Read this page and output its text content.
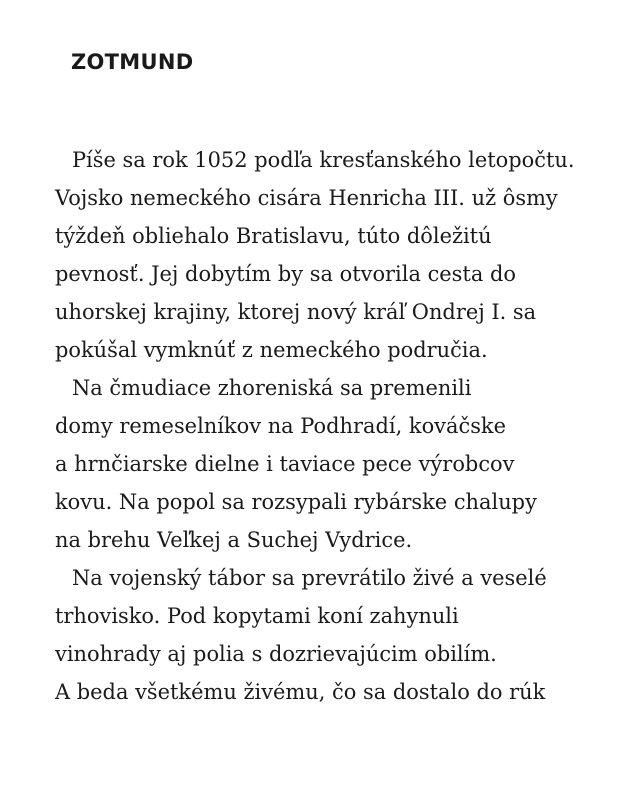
ZOTMUND
Píše sa rok 1052 podľa kresťanského letopočtu.
Vojsko nemeckého cisára Henricha III. už ôsmy
týždeň obliehalo Bratislavu, túto dôležitú
pevnosť. Jej dobytím by sa otvorila cesta do
uhorskej krajiny, ktorej nový kráľ Ondrej I. sa
pokúšal vymknúť z nemeckého područia.
Na čmudiace zhoreniská sa premenili
domy remeselníkov na Podhradí, kováčske
a hrnčiarske dielne i taviace pece výrobcov
kovu. Na popol sa rozsypali rybárske chalupy
na brehu Veľkej a Suchej Vydrice.
Na vojenský tábor sa prevrátilo živé a veselé
trhovisko. Pod kopytami koní zahynuli
vinohrady aj polia s dozrievajúcim obilím.
A beda všetkému živému, čo sa dostalo do rúk
